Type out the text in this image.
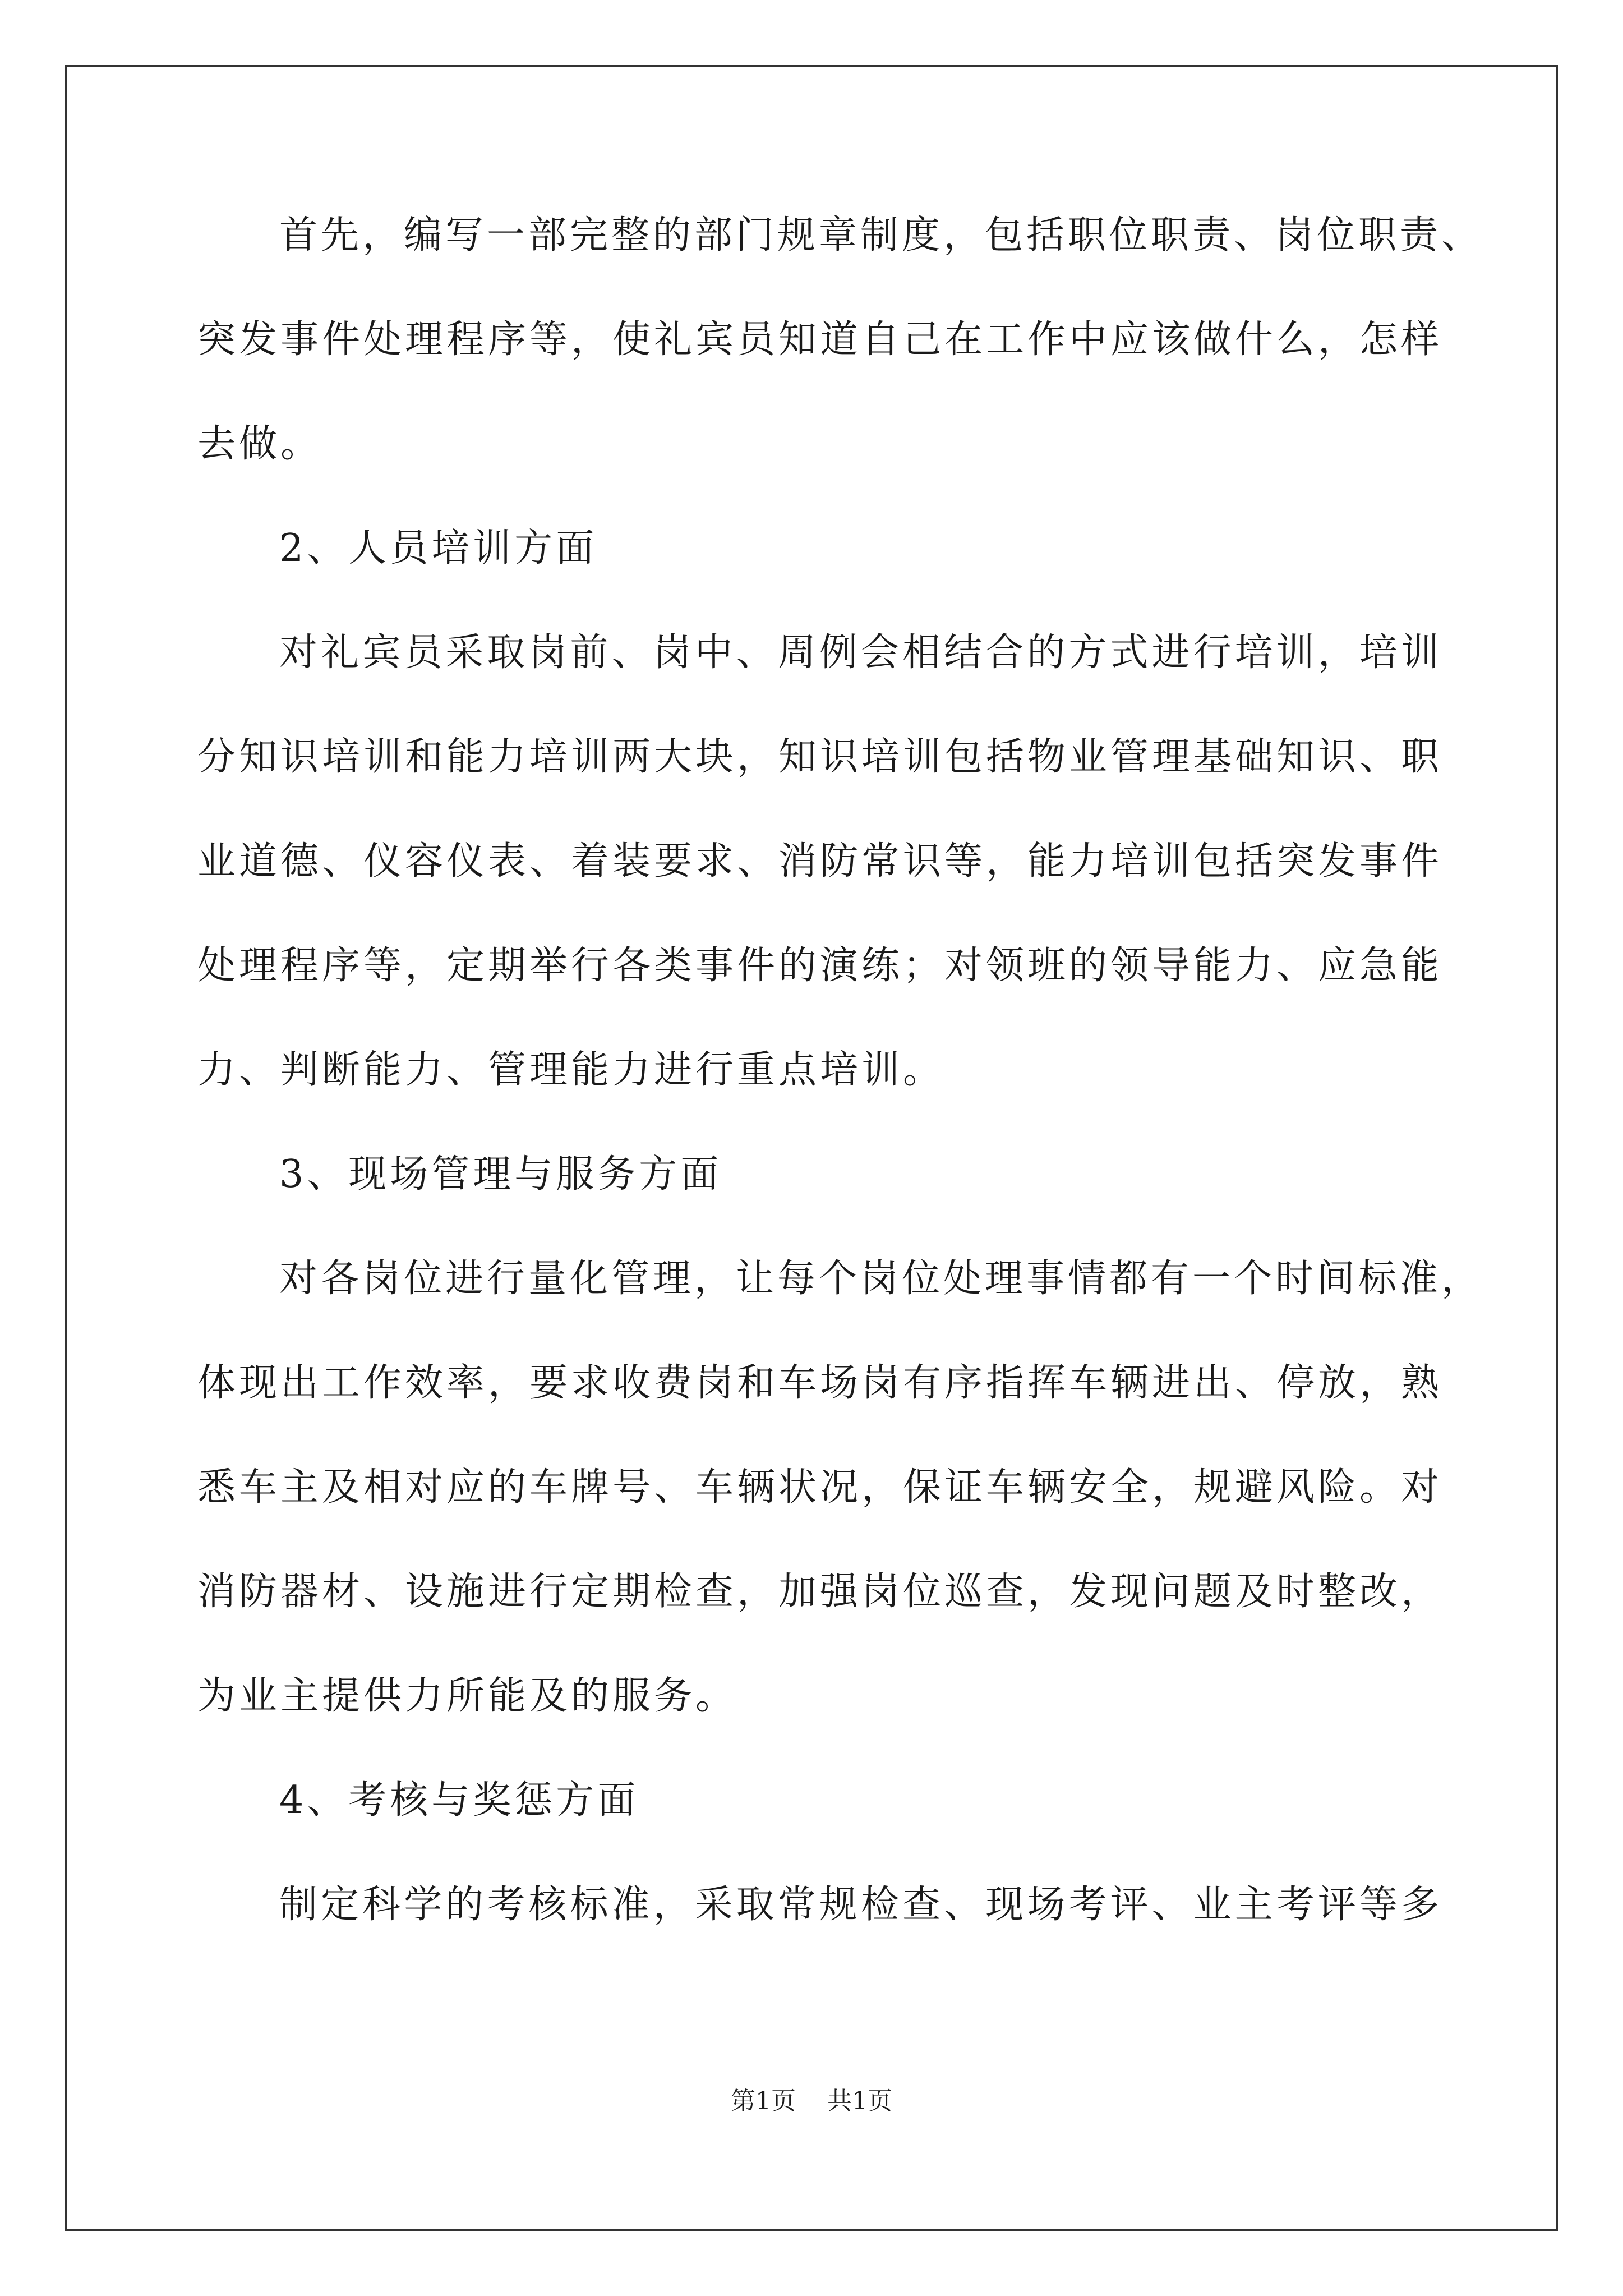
首先，编写一部完整的部门规章制度，包括职位职责、岗位职责、
突发事件处理程序等，使礼宾员知道自己在工作中应该做什么，怎样
去做。
2、人员培训方面
对礼宾员采取岗前、岗中、周例会相结合的方式进行培训，培训
分知识培训和能力培训两大块，知识培训包括物业管理基础知识、职
业道德、仪容仪表、着装要求、消防常识等，能力培训包括突发事件
处理程序等，定期举行各类事件的演练；对领班的领导能力、应急能
力、判断能力、管理能力进行重点培训。
3、现场管理与服务方面
对各岗位进行量化管理，让每个岗位处理事情都有一个时间标准，
体现出工作效率，要求收费岗和车场岗有序指挥车辆进出、停放，熟
悉车主及相对应的车牌号、车辆状况，保证车辆安全，规避风险。对
消防器材、设施进行定期检查，加强岗位巡查，发现问题及时整改，
为业主提供力所能及的服务。
4、考核与奖惩方面
制定科学的考核标准，采取常规检查、现场考评、业主考评等多
第1页 共1页
